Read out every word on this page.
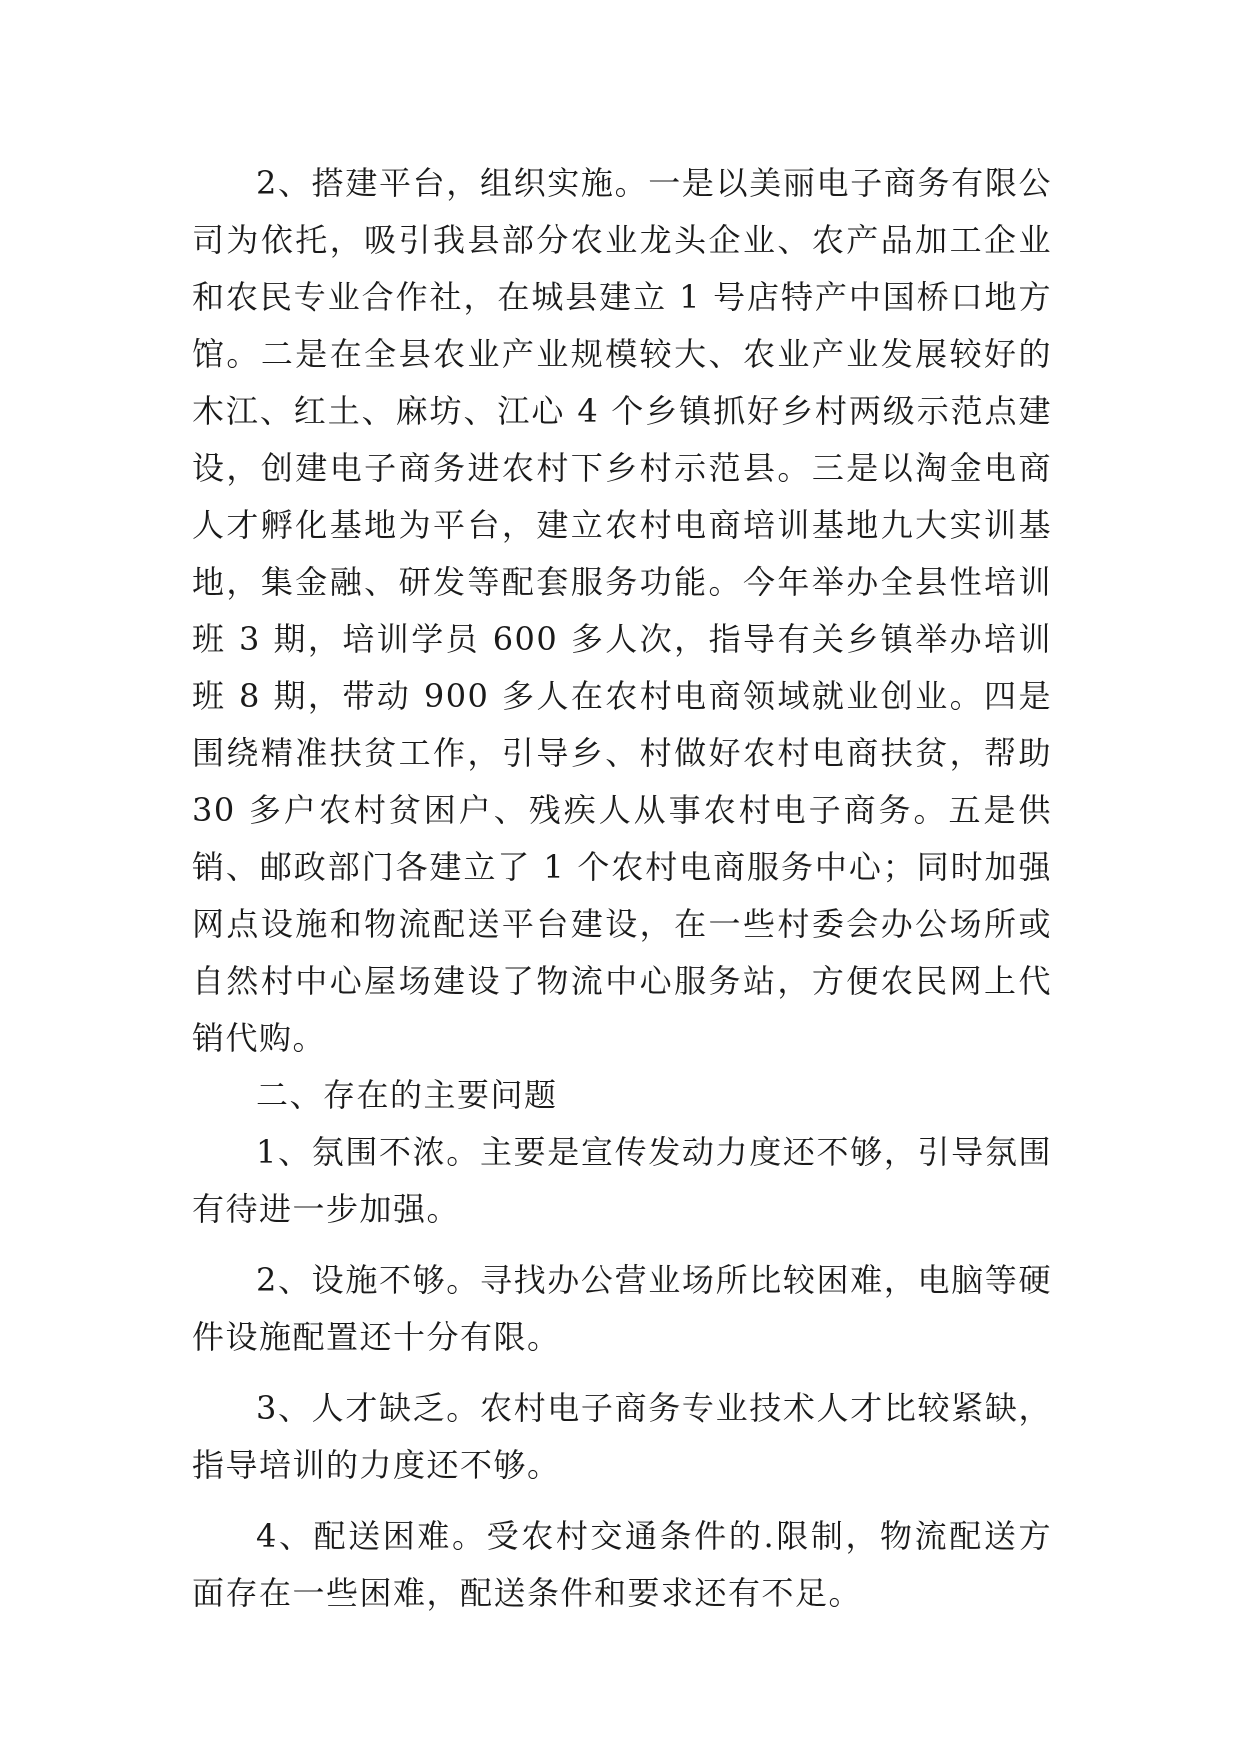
2、搭建平台，组织实施。一是以美丽电子商务有限公司为依托，吸引我县部分农业龙头企业、农产品加工企业和农民专业合作社，在城县建立 1 号店特产中国桥口地方馆。二是在全县农业产业规模较大、农业产业发展较好的木江、红土、麻坊、江心 4 个乡镇抓好乡村两级示范点建设，创建电子商务进农村下乡村示范县。三是以淘金电商人才孵化基地为平台，建立农村电商培训基地九大实训基地，集金融、研发等配套服务功能。今年举办全县性培训班 3 期，培训学员 600 多人次，指导有关乡镇举办培训班 8 期，带动 900 多人在农村电商领域就业创业。四是围绕精准扶贫工作，引导乡、村做好农村电商扶贫，帮助 30 多户农村贫困户、残疾人从事农村电子商务。五是供销、邮政部门各建立了 1 个农村电商服务中心；同时加强网点设施和物流配送平台建设，在一些村委会办公场所或自然村中心屋场建设了物流中心服务站，方便农民网上代销代购。

二、存在的主要问题

1、氛围不浓。主要是宣传发动力度还不够，引导氛围有待进一步加强。

2、设施不够。寻找办公营业场所比较困难，电脑等硬件设施配置还十分有限。

3、人才缺乏。农村电子商务专业技术人才比较紧缺，指导培训的力度还不够。

4、配送困难。受农村交通条件的.限制，物流配送方面存在一些困难，配送条件和要求还有不足。
